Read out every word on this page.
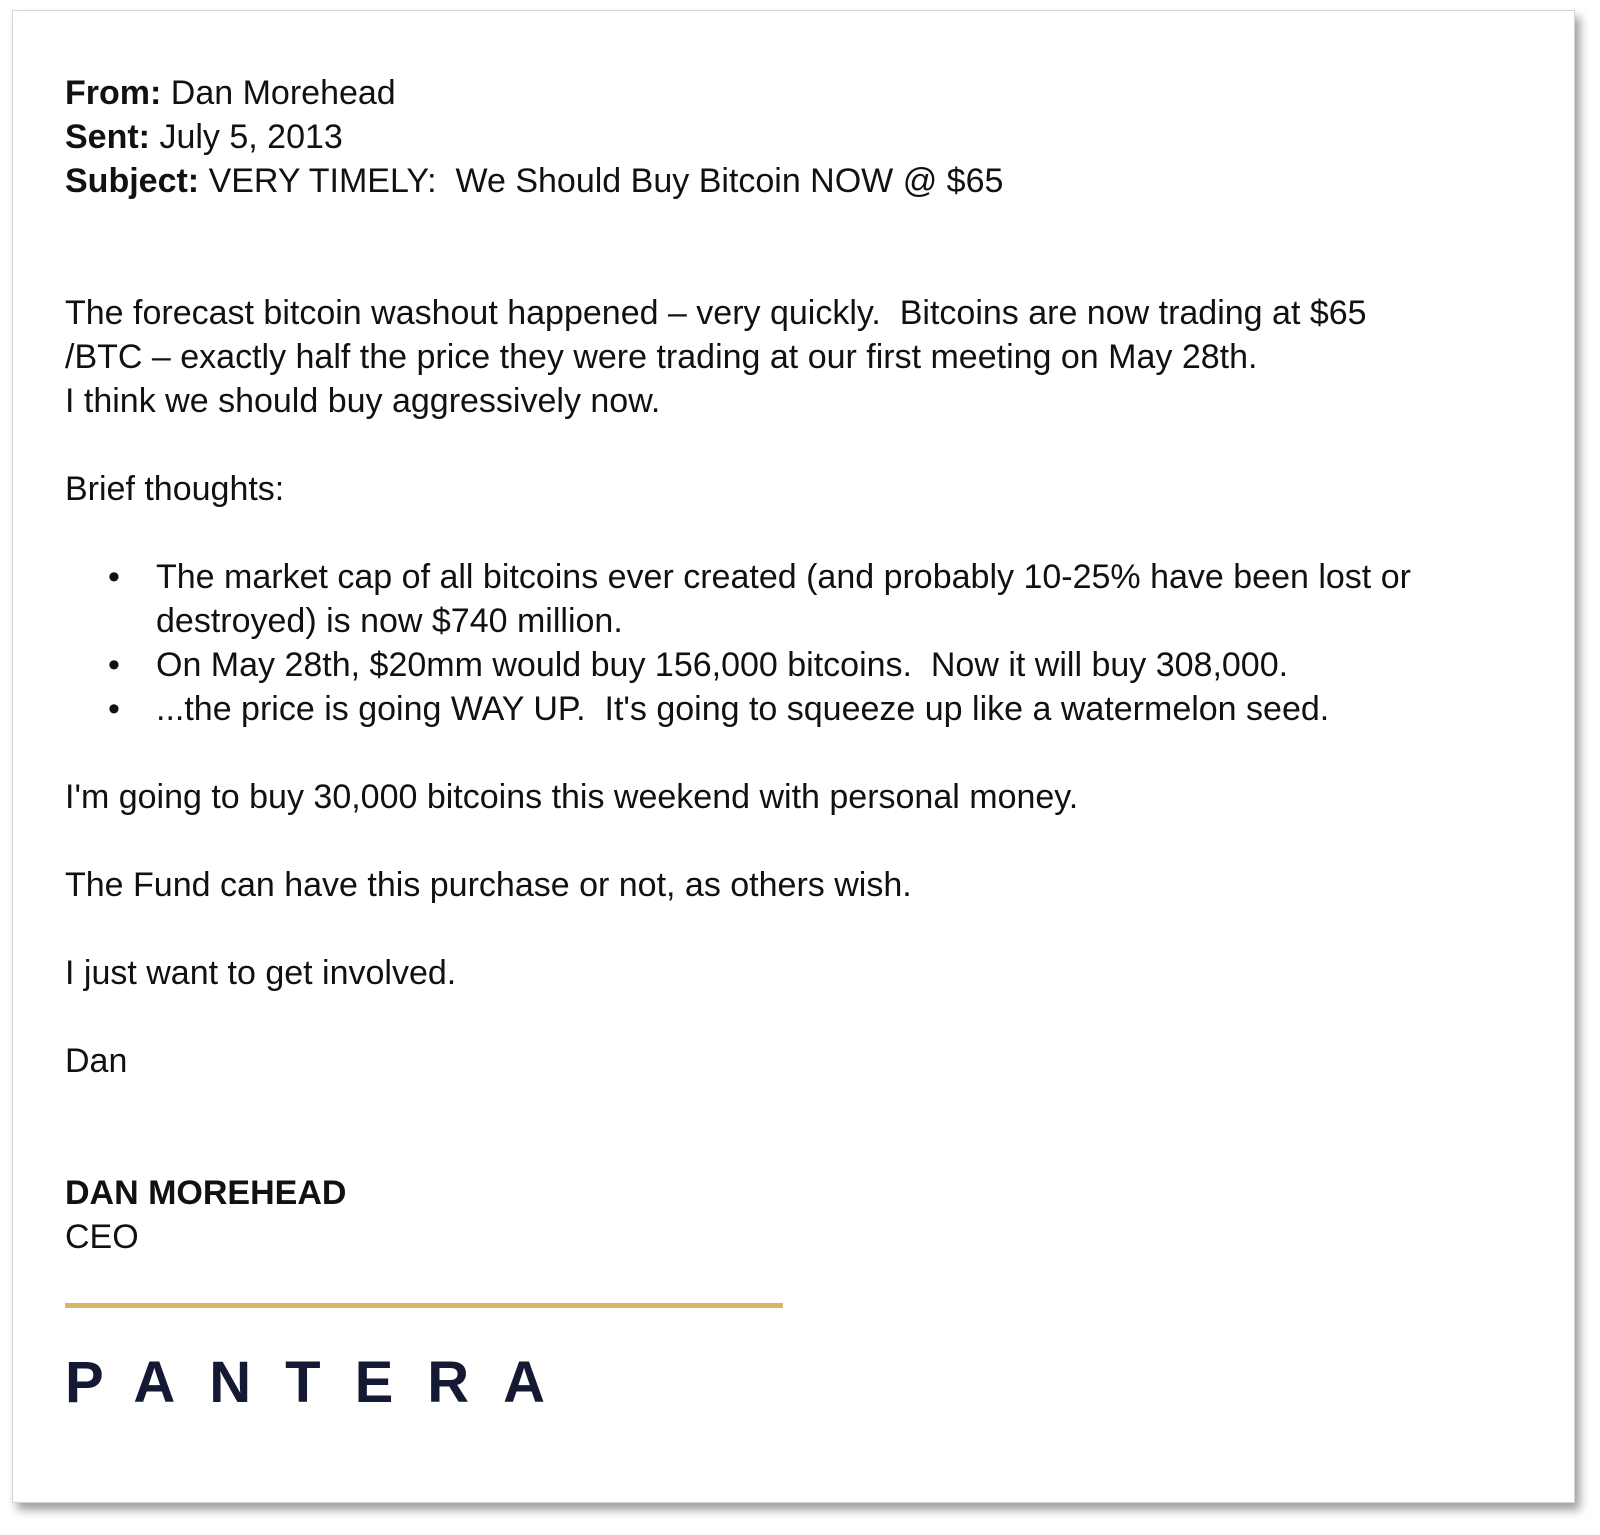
From: Dan Morehead
Sent: July 5, 2013
Subject: VERY TIMELY:  We Should Buy Bitcoin NOW @ $65
The forecast bitcoin washout happened – very quickly.  Bitcoins are now trading at $65
/BTC – exactly half the price they were trading at our first meeting on May 28th.
I think we should buy aggressively now.
Brief thoughts:
• The market cap of all bitcoins ever created (and probably 10-25% have been lost or destroyed) is now $740 million.
• On May 28th, $20mm would buy 156,000 bitcoins.  Now it will buy 308,000.
• ...the price is going WAY UP.  It's going to squeeze up like a watermelon seed.
I'm going to buy 30,000 bitcoins this weekend with personal money.
The Fund can have this purchase or not, as others wish.
I just want to get involved.
Dan
DAN MOREHEAD
CEO
PANTERA
